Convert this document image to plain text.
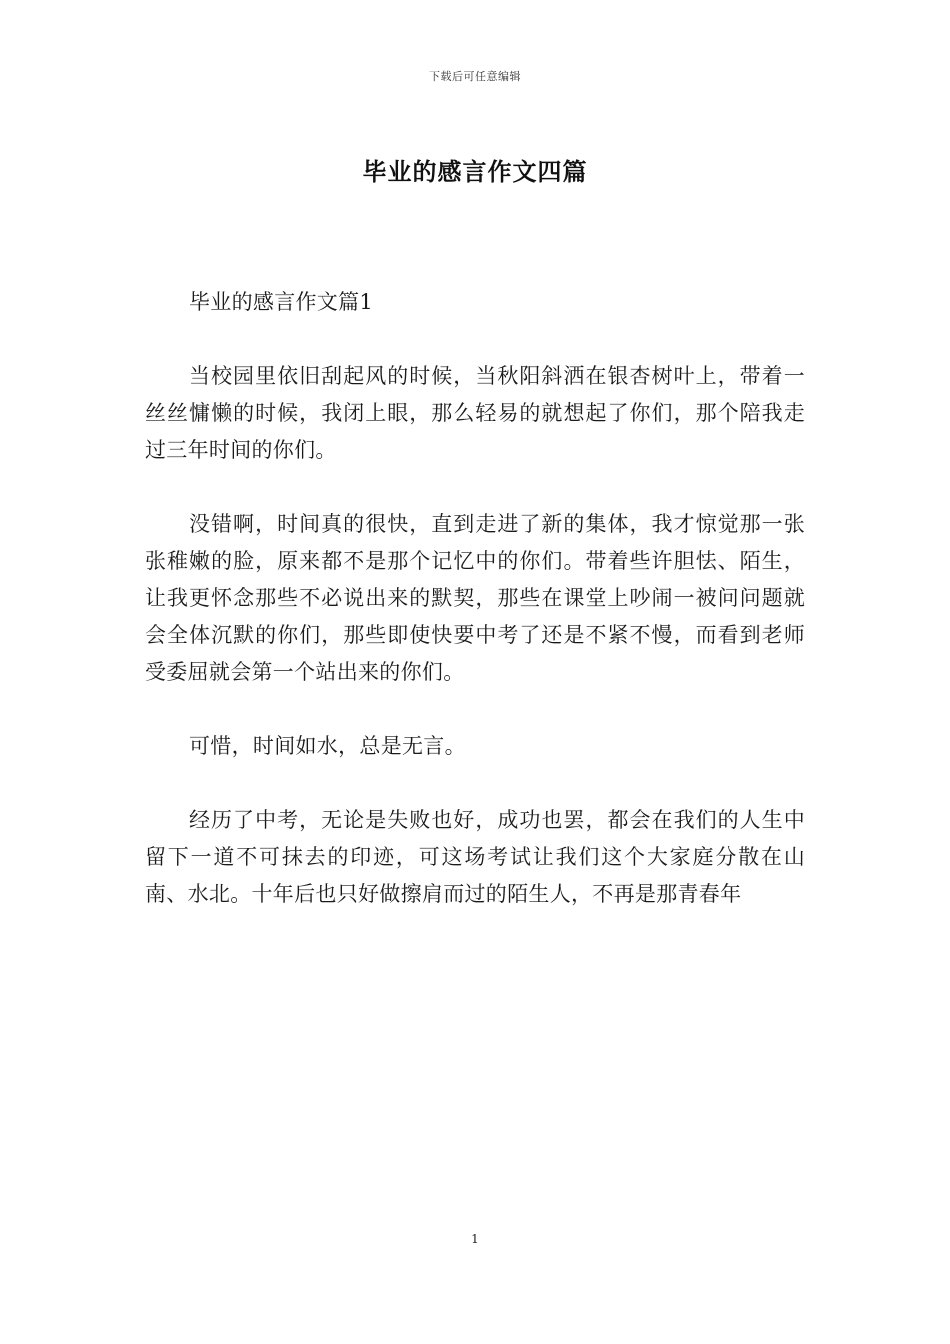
下载后可任意编辑
毕业的感言作文四篇

毕业的感言作文篇1

当校园里依旧刮起风的时候，当秋阳斜洒在银杏树叶上，带着一丝丝慵懒的时候，我闭上眼，那么轻易的就想起了你们，那个陪我走过三年时间的你们。

没错啊，时间真的很快，直到走进了新的集体，我才惊觉那一张张稚嫩的脸，原来都不是那个记忆中的你们。带着些许胆怯、陌生，让我更怀念那些不必说出来的默契，那些在课堂上吵闹一被问问题就会全体沉默的你们，那些即使快要中考了还是不紧不慢，而看到老师受委屈就会第一个站出来的你们。

可惜，时间如水，总是无言。

经历了中考，无论是失败也好，成功也罢，都会在我们的人生中留下一道不可抹去的印迹，可这场考试让我们这个大家庭分散在山南、水北。十年后也只好做擦肩而过的陌生人，不再是那青春年

1
